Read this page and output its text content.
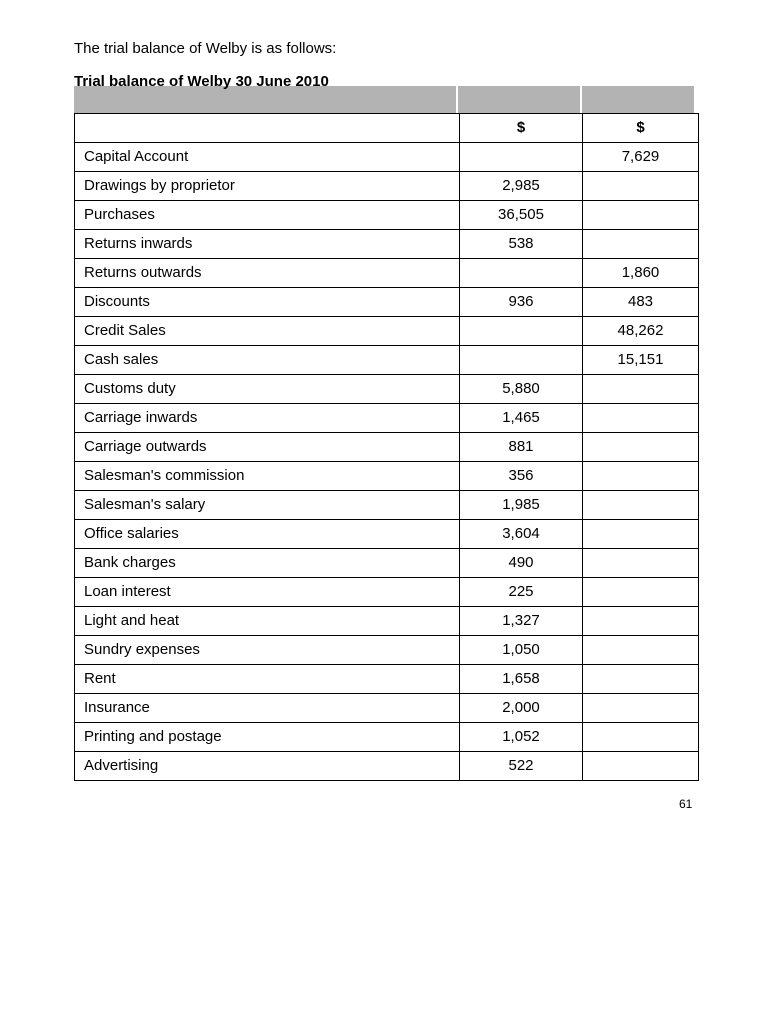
The trial balance of Welby is as follows:
Trial balance of Welby 30 June 2010
	$	$
Capital Account		7,629
Drawings by proprietor	2,985	
Purchases	36,505	
Returns inwards	538	
Returns outwards		1,860
Discounts	936	483
Credit Sales		48,262
Cash sales		15,151
Customs duty	5,880	
Carriage inwards	1,465	
Carriage outwards	881	
Salesman's commission	356	
Salesman's salary	1,985	
Office salaries	3,604	
Bank charges	490	
Loan interest	225	
Light and heat	1,327	
Sundry expenses	1,050	
Rent	1,658	
Insurance	2,000	
Printing and postage	1,052	
Advertising	522	
61
